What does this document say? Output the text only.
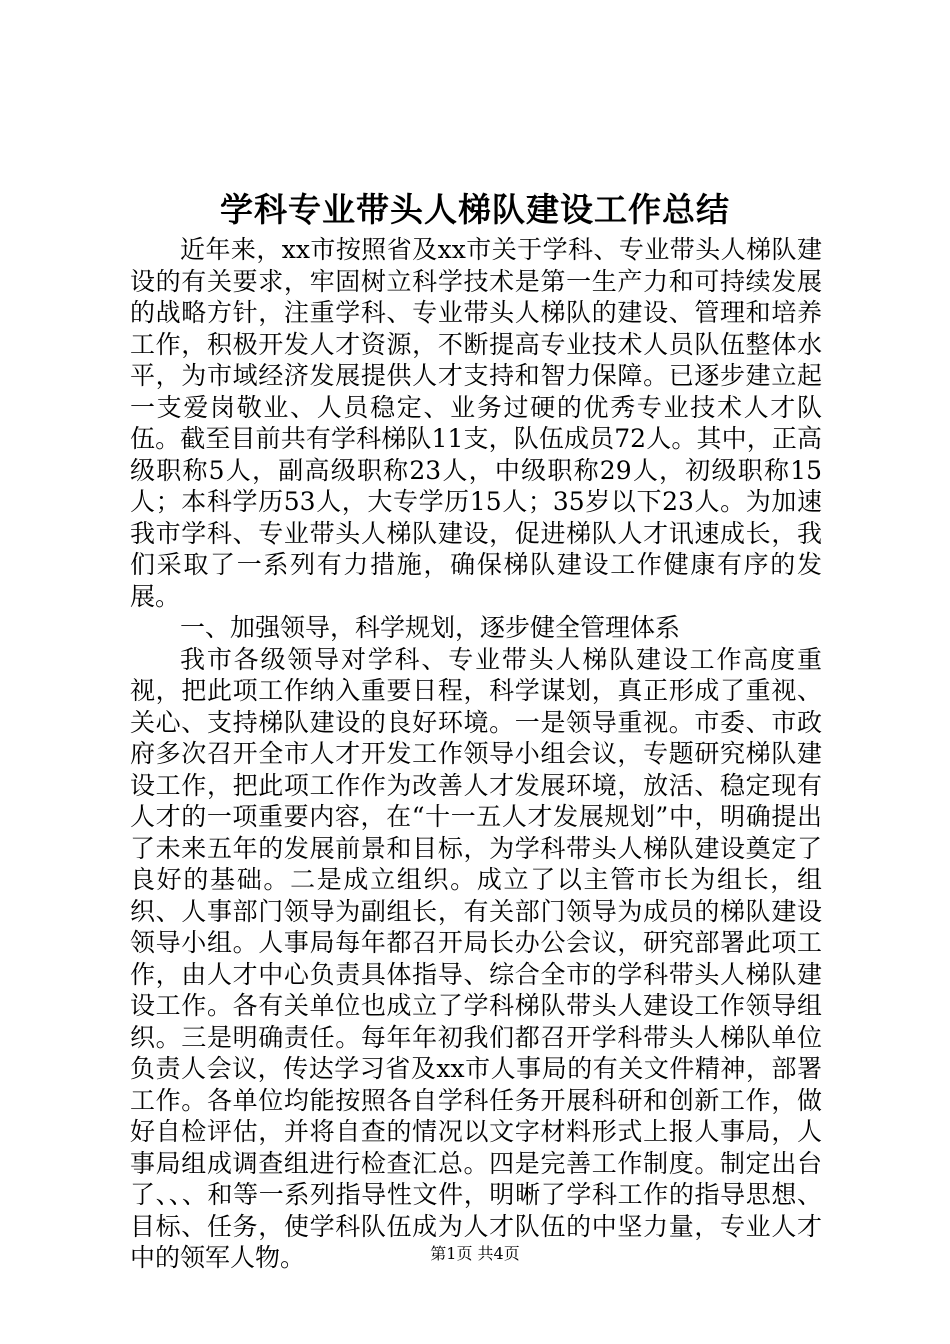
学科专业带头人梯队建设工作总结

近年来，xx市按照省及xx市关于学科、专业带头人梯队建设的有关要求，牢固树立科学技术是第一生产力和可持续发展的战略方针，注重学科、专业带头人梯队的建设、管理和培养工作，积极开发人才资源，不断提高专业技术人员队伍整体水平，为市域经济发展提供人才支持和智力保障。已逐步建立起一支爱岗敬业、人员稳定、业务过硬的优秀专业技术人才队伍。截至目前共有学科梯队11支，队伍成员72人。其中，正高级职称5人，副高级职称23人，中级职称29人，初级职称15人；本科学历53人，大专学历15人；35岁以下23人。为加速我市学科、专业带头人梯队建设，促进梯队人才讯速成长，我们采取了一系列有力措施，确保梯队建设工作健康有序的发展。

一、加强领导，科学规划，逐步健全管理体系

我市各级领导对学科、专业带头人梯队建设工作高度重视，把此项工作纳入重要日程，科学谋划，真正形成了重视、关心、支持梯队建设的良好环境。一是领导重视。市委、市政府多次召开全市人才开发工作领导小组会议，专题研究梯队建设工作，把此项工作作为改善人才发展环境，放活、稳定现有人才的一项重要内容，在“十一五人才发展规划”中，明确提出了未来五年的发展前景和目标，为学科带头人梯队建设奠定了良好的基础。二是成立组织。成立了以主管市长为组长，组织、人事部门领导为副组长，有关部门领导为成员的梯队建设领导小组。人事局每年都召开局长办公会议，研究部署此项工作，由人才中心负责具体指导、综合全市的学科带头人梯队建设工作。各有关单位也成立了学科梯队带头人建设工作领导组织。三是明确责任。每年年初我们都召开学科带头人梯队单位负责人会议，传达学习省及xx市人事局的有关文件精神，部署工作。各单位均能按照各自学科任务开展科研和创新工作，做好自检评估，并将自查的情况以文字材料形式上报人事局，人事局组成调查组进行检查汇总。四是完善工作制度。制定出台了、、、和等一系列指导性文件，明晰了学科工作的指导思想、目标、任务，使学科队伍成为人才队伍的中坚力量，专业人才中的领军人物。	第1页 共4页
